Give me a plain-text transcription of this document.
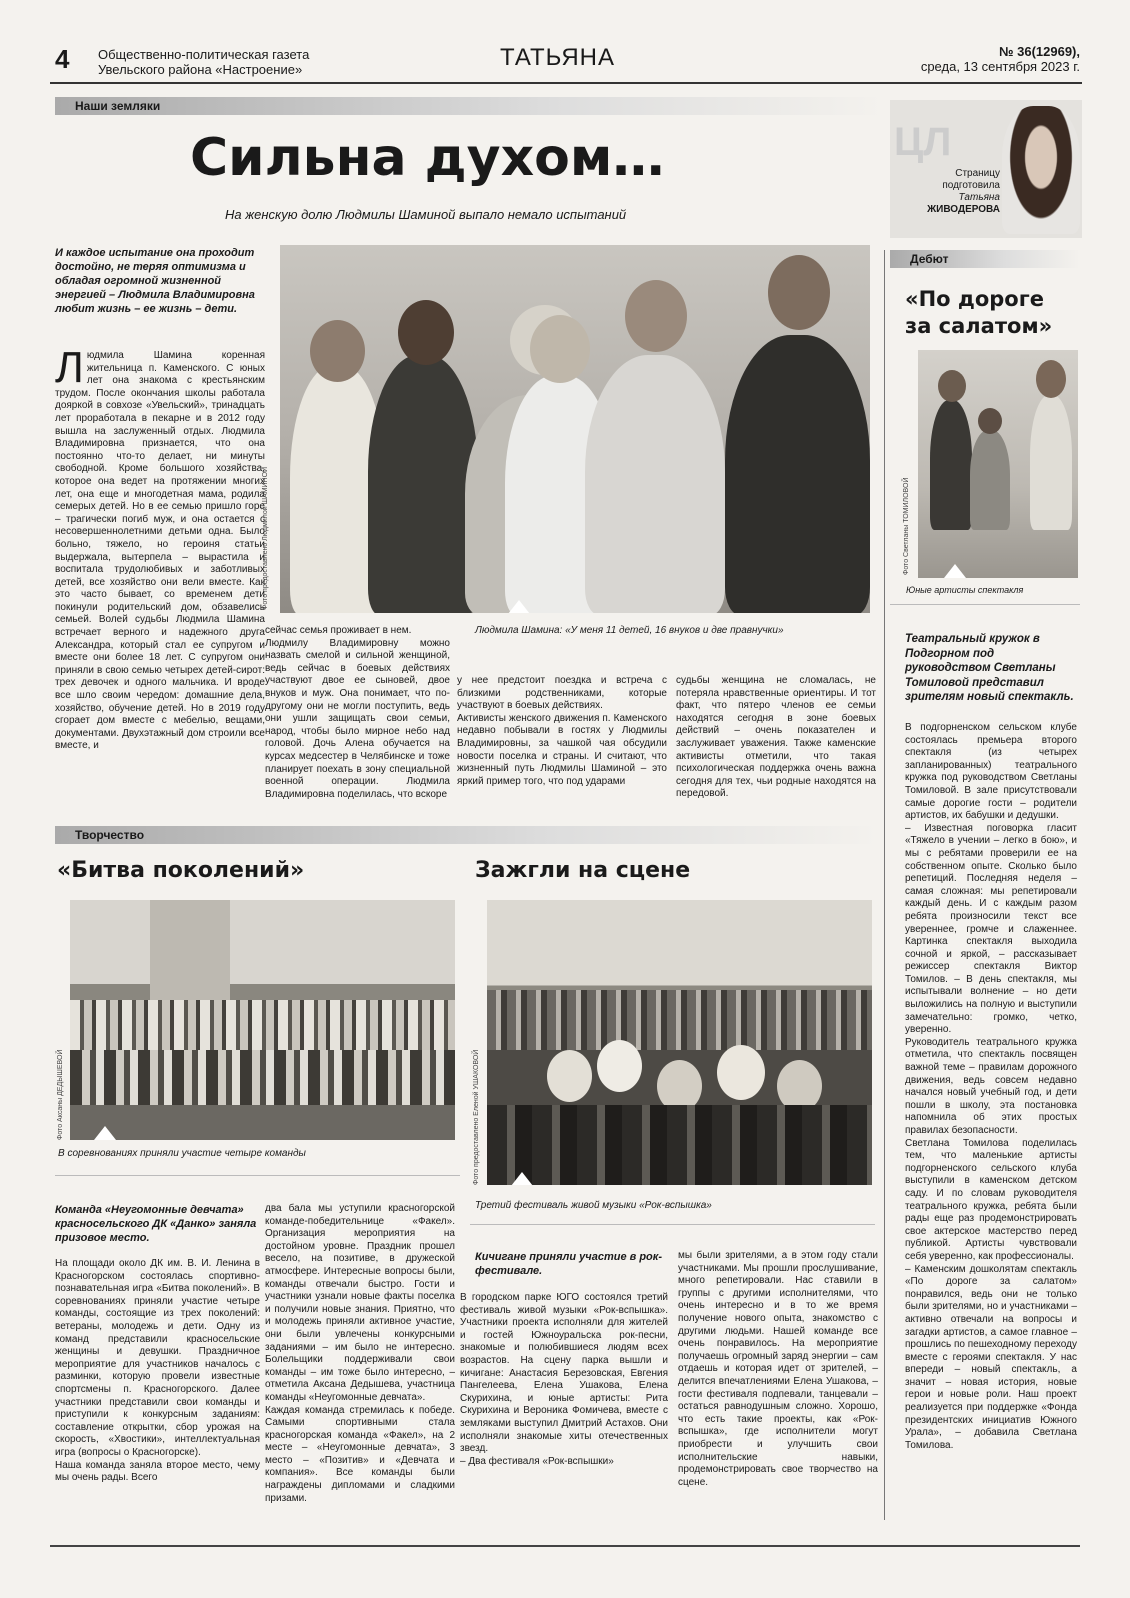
4 Общественно-политическая газета
Увельского района «Настроение»	ТАТЬЯНА	№ 36(12969),
среда, 13 сентября 2023 г.
Наши земляки
ЦЛ
Страницу
подготовила
Татьяна
ЖИВОДЕРОВА
Сильна духом…
На женскую долю Людмилы Шаминой выпало немало испытаний
И каждое испытание она проходит достойно, не теряя оптимизма и обладая огромной жизненной энергией – Людмила Владимировна любит жизнь – ее жизнь – дети.
Людмила Шамина коренная жительница п. Каменского. С юных лет она знакома с крестьянским трудом. После окончания школы работала дояркой в совхозе «Увельский», тринадцать лет проработала в пекарне и в 2012 году вышла на заслуженный отдых. Людмила Владимировна признается, что она постоянно что-то делает, ни минуты свободной. Кроме большого хозяйства, которое она ведет на протяжении многих лет, она еще и многодетная мама, родила семерых детей. Но в ее семью пришло горе – трагически погиб муж, и она остается с несовершеннолетними детьми одна. Было больно, тяжело, но героиня статьи выдержала, вытерпела – вырастила и воспитала трудолюбивых и заботливых детей, все хозяйство они вели вместе. Как это часто бывает, со временем дети покинули родительский дом, обзавелись семьей. Волей судьбы Людмила Шамина встречает верного и надежного друга Александра, который стал ее супругом и вместе они более 18 лет. С супругом они приняли в свою семью четырех детей-сирот: трех девочек и одного мальчика. И вроде все шло своим чередом: домашние дела, хозяйство, обучение детей. Но в 2019 году сгорает дом вместе с мебелью, вещами, документами. Двухэтажный дом строили все вместе, и
Фото предоставлено Людмилой ШАМИНОЙ
Людмила Шамина: «У меня 11 детей, 16 внуков и две правнучки»
сейчас семья проживает в нем.
Людмилу Владимировну можно назвать смелой и сильной женщиной, ведь сейчас в боевых действиях участвуют двое ее сыновей, двое внуков и муж. Она понимает, что по-другому они не могли поступить, ведь они ушли защищать свои семьи, народ, чтобы было мирное небо над головой. Дочь Алена обучается на курсах медсестер в Челябинске и тоже планирует поехать в зону специальной военной операции. Людмила Владимировна поделилась, что вскоре
у нее предстоит поездка и встреча с близкими родственниками, которые участвуют в боевых действиях.
Активисты женского движения п. Каменского недавно побывали в гостях у Людмилы Владимировны, за чашкой чая обсудили новости поселка и страны. И считают, что жизненный путь Людмилы Шаминой – это яркий пример того, что под ударами
судьбы женщина не сломалась, не потеряла нравственные ориентиры. И тот факт, что пятеро членов ее семьи находятся сегодня в зоне боевых действий – очень показателен и заслуживает уважения. Также каменские активисты отметили, что такая психологическая поддержка очень важна сегодня для тех, чьи родные находятся на передовой.
Дебют
«По дороге
за салатом»
Фото Светланы ТОМИЛОВОЙ
Юные артисты спектакля
Театральный кружок в Подгорном под руководством Светланы Томиловой представил зрителям новый спектакль.
В подгорненском сельском клубе состоялась премьера второго спектакля (из четырех запланированных) театрального кружка под руководством Светланы Томиловой. В зале присутствовали самые дорогие гости – родители артистов, их бабушки и дедушки.
– Известная поговорка гласит «Тяжело в учении – легко в бою», и мы с ребятами проверили ее на собственном опыте. Сколько было репетиций. Последняя неделя – самая сложная: мы репетировали каждый день. И с каждым разом ребята произносили текст все увереннее, громче и слаженнее. Картинка спектакля выходила сочной и яркой, – рассказывает режиссер спектакля Виктор Томилов. – В день спектакля, мы испытывали волнение – но дети выложились на полную и выступили замечательно: громко, четко, уверенно.
Руководитель театрального кружка отметила, что спектакль посвящен важной теме – правилам дорожного движения, ведь совсем недавно начался новый учебный год, и дети пошли в школу, эта постановка напомнила об этих простых правилах безопасности.
Светлана Томилова поделилась тем, что маленькие артисты подгорненского сельского клуба выступили в каменском детском саду. И по словам руководителя театрального кружка, ребята были рады еще раз продемонстрировать свое актерское мастерство перед публикой. Артисты чувствовали себя уверенно, как профессионалы.
– Каменским дошколятам спектакль «По дороге за салатом» понравился, ведь они не только были зрителями, но и участниками – активно отвечали на вопросы и загадки артистов, а самое главное – прошлись по пешеходному переходу вместе с героями спектакля. У нас впереди – новый спектакль, а значит – новая история, новые герои и новые роли. Наш проект реализуется при поддержке «Фонда президентских инициатив Южного Урала», – добавила Светлана Томилова.
Творчество
«Битва поколений»
Фото Аксаны ДЕДЫШЕВОЙ
В соревнованиях приняли участие четыре команды
Команда «Неугомонные девчата» красносельского ДК «Данко» заняла призовое место.
На площади около ДК им. В. И. Ленина в Красногорском состоялась спортивно-познавательная игра «Битва поколений». В соревнованиях приняли участие четыре команды, состоящие из трех поколений: ветераны, молодежь и дети. Одну из команд представили красносельские женщины и девушки. Праздничное мероприятие для участников началось с разминки, которую провели известные спортсмены п. Красногорского. Далее участники представили свои команды и приступили к конкурсным заданиям: составление открытки, сбор урожая на скорость, «Хвостики», интеллектуальная игра (вопросы о Красногорске).
Наша команда заняла второе место, чему мы очень рады. Всего
два бала мы уступили красногорской команде-победительнице «Факел». Организация мероприятия на достойном уровне. Праздник прошел весело, на позитиве, в дружеской атмосфере. Интересные вопросы были, команды отвечали быстро. Гости и участники узнали новые факты поселка и получили новые знания. Приятно, что и молодежь приняли активное участие, они были увлечены конкурсными заданиями – им было не интересно. Болельщики поддерживали свои команды – им тоже было интересно, – отметила Аксана Дедышева, участница команды «Неугомонные девчата».
Каждая команда стремилась к победе. Самыми спортивными стала красногорская команда «Факел», на 2 месте – «Неугомонные девчата», 3 место – «Позитив» и «Девчата и компания». Все команды были награждены дипломами и сладкими призами.
Зажгли на сцене
Фото предоставлено Еленой УШАКОВОЙ
Третий фестиваль живой музыки «Рок-вспышка»
Кичигане приняли участие в рок-фестивале.
В городском парке ЮГО состоялся третий фестиваль живой музыки «Рок-вспышка». Участники проекта исполняли для жителей и гостей Южноуральска рок-песни, знакомые и полюбившиеся людям всех возрастов. На сцену парка вышли и кичигане: Анастасия Березовская, Евгения Пангелеева, Елена Ушакова, Елена Скурихина, и юные артисты: Рита Скурихина и Вероника Фомичева, вместе с земляками выступил Дмитрий Астахов. Они исполняли знакомые хиты отечественных звезд.
– Два фестиваля «Рок-вспышки»
мы были зрителями, а в этом году стали участниками. Мы прошли прослушивание, много репетировали. Нас ставили в группы с другими исполнителями, что очень интересно и в то же время получение нового опыта, знакомство с другими людьми. Нашей команде все очень понравилось. На мероприятие получаешь огромный заряд энергии – сам отдаешь и которая идет от зрителей, – делится впечатлениями Елена Ушакова, – гости фестиваля подпевали, танцевали – остаться равнодушным сложно. Хорошо, что есть такие проекты, как «Рок-вспышка», где исполнители могут приобрести и улучшить свои исполнительские навыки, продемонстрировать свое творчество на сцене.
